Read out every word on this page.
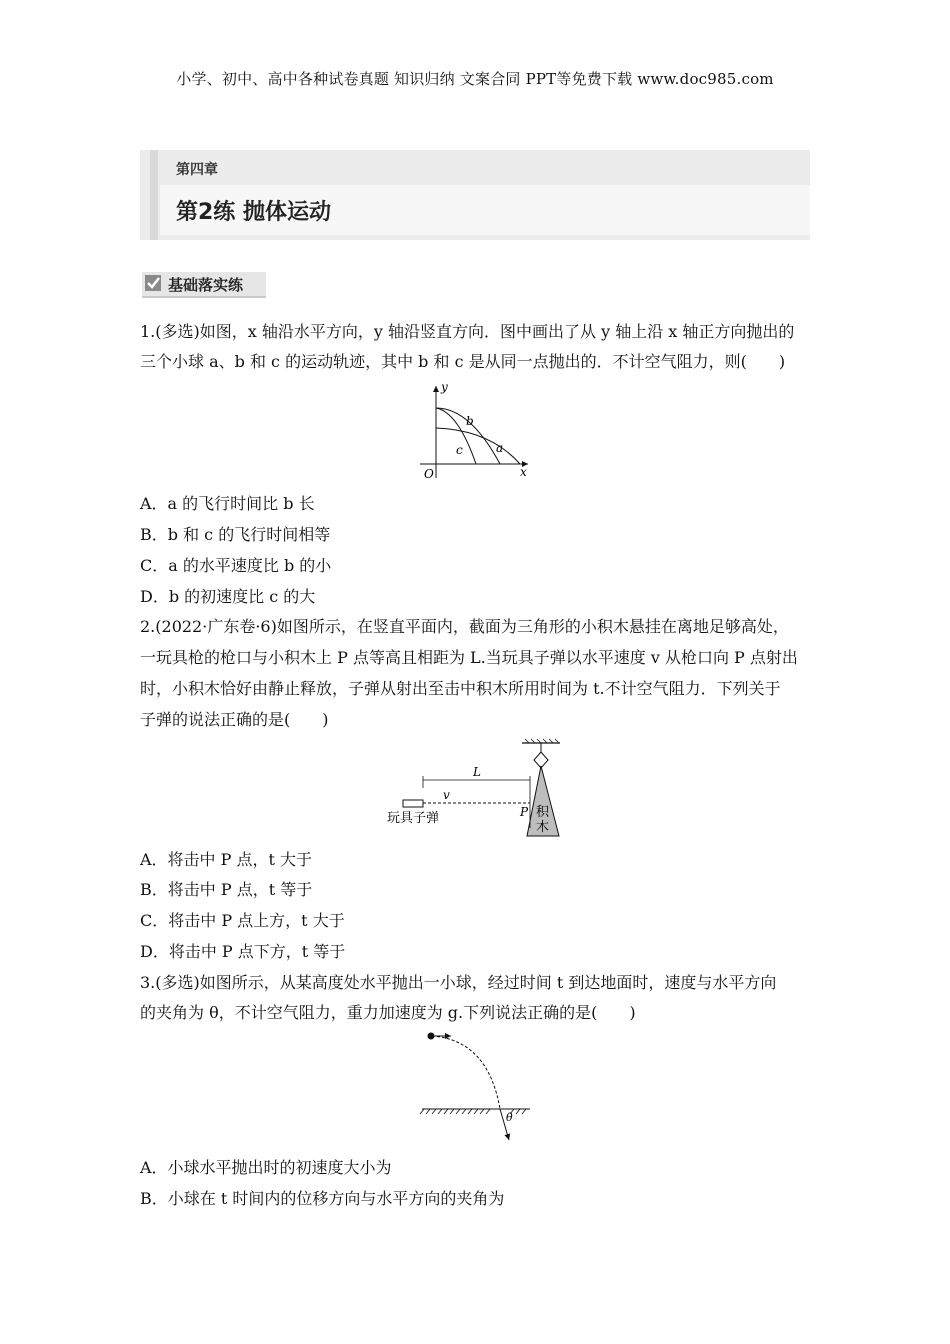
小学、初中、高中各种试卷真题 知识归纳 文案合同 PPT等免费下载 www.doc985.com
第四章
第2练 抛体运动
基础落实练
1.(多选)如图，x 轴沿水平方向，y 轴沿竖直方向．图中画出了从 y 轴上沿 x 轴正方向抛出的
三个小球 a、b 和 c 的运动轨迹，其中 b 和 c 是从同一点抛出的．不计空气阻力，则(　　)
y
x
O
b
c	a
A．a 的飞行时间比 b 长
B．b 和 c 的飞行时间相等
C．a 的水平速度比 b 的小
D．b 的初速度比 c 的大
2.(2022·广东卷·6)如图所示，在竖直平面内，截面为三角形的小积木悬挂在离地足够高处，
一玩具枪的枪口与小积木上 P 点等高且相距为 L.当玩具子弹以水平速度 v 从枪口向 P 点射出
时，小积木恰好由静止释放，子弹从射出至击中积木所用时间为 t.不计空气阻力．下列关于
子弹的说法正确的是(　　)
L
v
P 积
木
玩具子弹
A．将击中 P 点，t 大于
B．将击中 P 点，t 等于
C．将击中 P 点上方，t 大于
D．将击中 P 点下方，t 等于
3.(多选)如图所示，从某高度处水平抛出一小球，经过时间 t 到达地面时，速度与水平方向
的夹角为 θ，不计空气阻力，重力加速度为 g.下列说法正确的是(　　)
θ
A．小球水平抛出时的初速度大小为
B．小球在 t 时间内的位移方向与水平方向的夹角为
